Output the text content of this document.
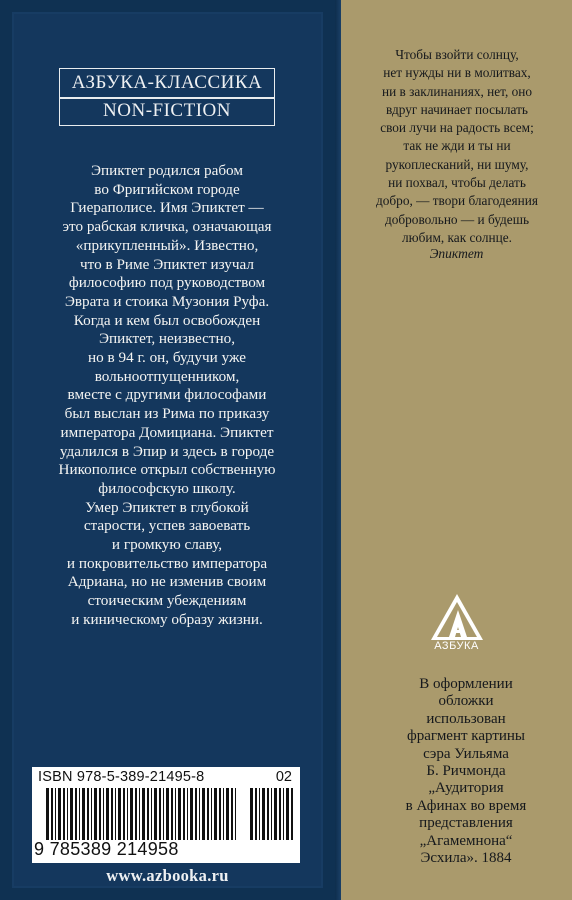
АЗБУКА-КЛАССИКА
NON-FICTION
Эпиктет родился рабом
во Фригийском городе
Гиераполисе. Имя Эпиктет —
это рабская кличка, означающая
«прикупленный». Известно,
что в Риме Эпиктет изучал
философию под руководством
Эврата и стоика Музония Руфа.
Когда и кем был освобожден
Эпиктет, неизвестно,
но в 94 г. он, будучи уже
вольноотпущенником,
вместе с другими философами
был выслан из Рима по приказу
императора Домициана. Эпиктет
удалился в Эпир и здесь в городе
Никополисе открыл собственную
философскую школу.
Умер Эпиктет в глубокой
старости, успев завоевать
и громкую славу,
и покровительство императора
Адриана, но не изменив своим
стоическим убеждениям
и киническому образу жизни.
ISBN 978-5-389-21495-8	02
9 785389 214958
www.azbooka.ru
Чтобы взойти солнцу,
нет нужды ни в молитвах,
ни в заклинаниях, нет, оно
вдруг начинает посылать
свои лучи на радость всем;
так не жди и ты ни
рукоплесканий, ни шуму,
ни похвал, чтобы делать
добро, — твори благодеяния
добровольно — и будешь
любим, как солнце.
Эпиктет
АЗБУКА
В оформлении
обложки
использован
фрагмент картины
сэра Уильяма
Б. Ричмонда
„Аудитория
в Афинах во время
представления
„Агамемнона“
Эсхила». 1884
